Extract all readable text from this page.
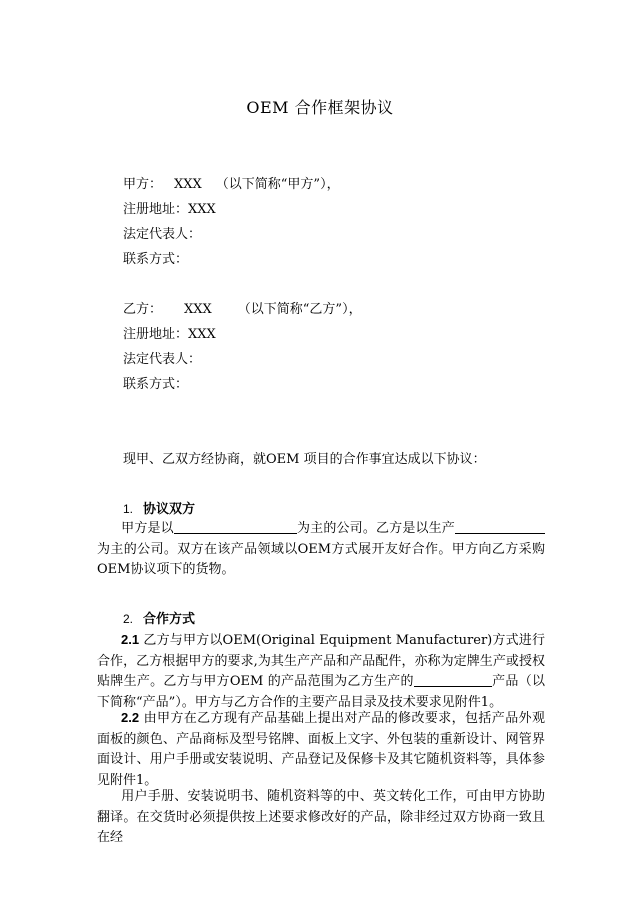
OEM 合作框架协议
甲方： XXX （以下简称“甲方”），
注册地址：XXX
法定代表人：
联系方式：
乙方： XXX （以下简称“乙方”），
注册地址：XXX
法定代表人：
联系方式：
现甲、乙双方经协商，就OEM 项目的合作事宜达成以下协议：
1. 协议双方
甲方是以	为主的公司。乙方是以生产为主的公司。双方在该产品领域以OEM方式展开友好合作。甲方向乙方采购OEM协议项下的货物。
2. 合作方式
2.1 乙方与甲方以OEM(Original Equipment Manufacturer)方式进行合作，乙方根据甲方的要求,为其生产产品和产品配件，亦称为定牌生产或授权贴牌生产。乙方与甲方OEM 的产品范围为乙方生产的	产品（以下简称“产品”）。甲方与乙方合作的主要产品目录及技术要求见附件1。
2.2 由甲方在乙方现有产品基础上提出对产品的修改要求，包括产品外观面板的颜色、产品商标及型号铭牌、面板上文字、外包装的重新设计、网管界面设计、用户手册或安装说明、产品登记及保修卡及其它随机资料等，具体参见附件1。
用户手册、安装说明书、随机资料等的中、英文转化工作，可由甲方协助翻译。在交货时必须提供按上述要求修改好的产品，除非经过双方协商一致且在经
